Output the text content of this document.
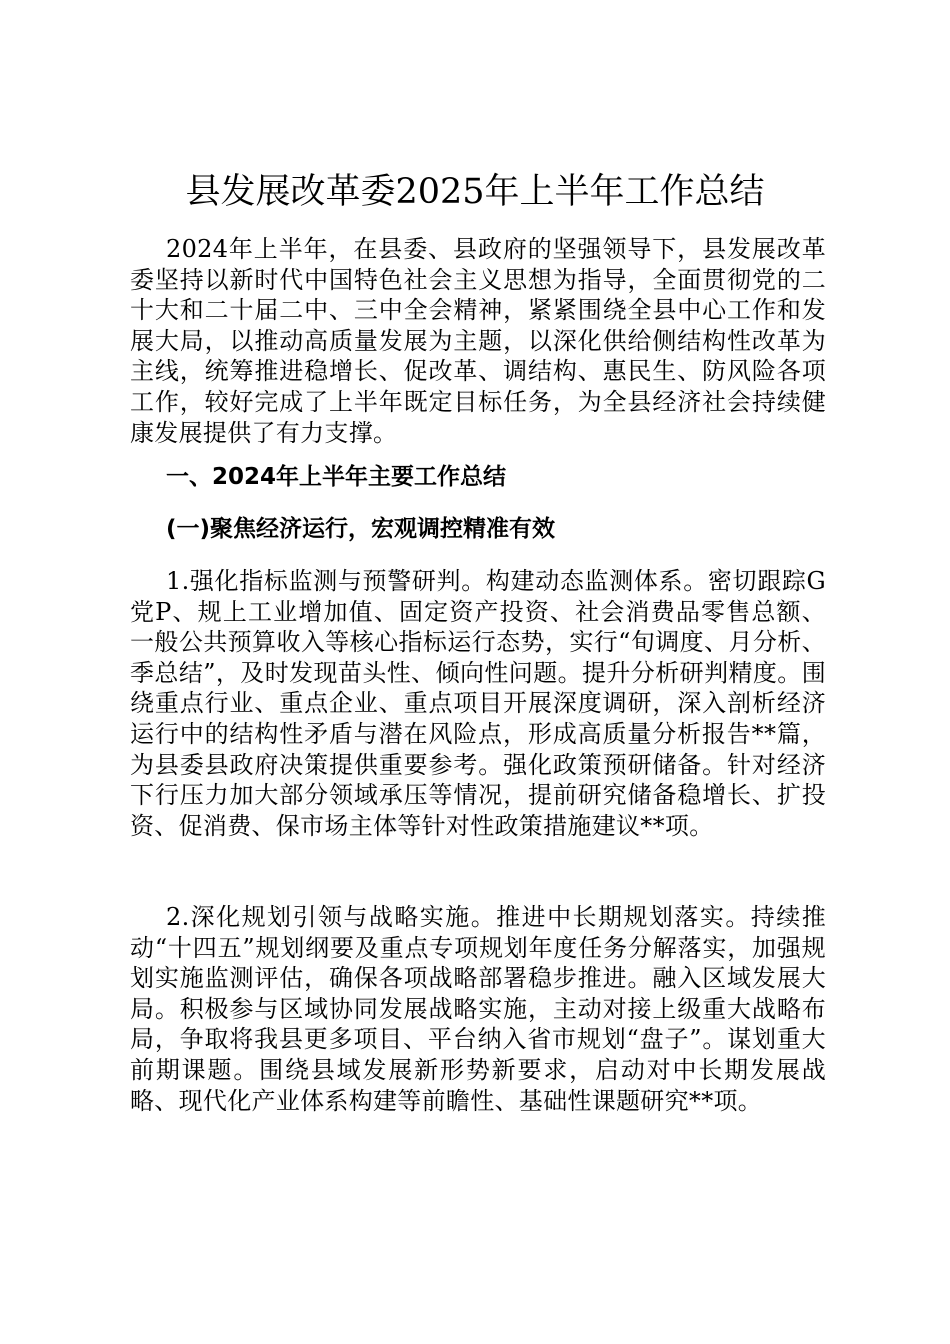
县发展改革委2025年上半年工作总结

2024年上半年，在县委、县政府的坚强领导下，县发展改革委坚持以新时代中国特色社会主义思想为指导，全面贯彻党的二十大和二十届二中、三中全会精神，紧紧围绕全县中心工作和发展大局，以推动高质量发展为主题，以深化供给侧结构性改革为主线，统筹推进稳增长、促改革、调结构、惠民生、防风险各项工作，较好完成了上半年既定目标任务，为全县经济社会持续健康发展提供了有力支撑。

一、2024年上半年主要工作总结
(一)聚焦经济运行，宏观调控精准有效

1.强化指标监测与预警研判。构建动态监测体系。密切跟踪G党P、规上工业增加值、固定资产投资、社会消费品零售总额、一般公共预算收入等核心指标运行态势，实行“旬调度、月分析、季总结”，及时发现苗头性、倾向性问题。提升分析研判精度。围绕重点行业、重点企业、重点项目开展深度调研，深入剖析经济运行中的结构性矛盾与潜在风险点，形成高质量分析报告**篇，为县委县政府决策提供重要参考。强化政策预研储备。针对经济下行压力加大部分领域承压等情况，提前研究储备稳增长、扩投资、促消费、保市场主体等针对性政策措施建议**项。

2.深化规划引领与战略实施。推进中长期规划落实。持续推动“十四五”规划纲要及重点专项规划年度任务分解落实，加强规划实施监测评估，确保各项战略部署稳步推进。融入区域发展大局。积极参与区域协同发展战略实施，主动对接上级重大战略布局，争取将我县更多项目、平台纳入省市规划“盘子”。谋划重大前期课题。围绕县域发展新形势新要求，启动对中长期发展战略、现代化产业体系构建等前瞻性、基础性课题研究**项。
